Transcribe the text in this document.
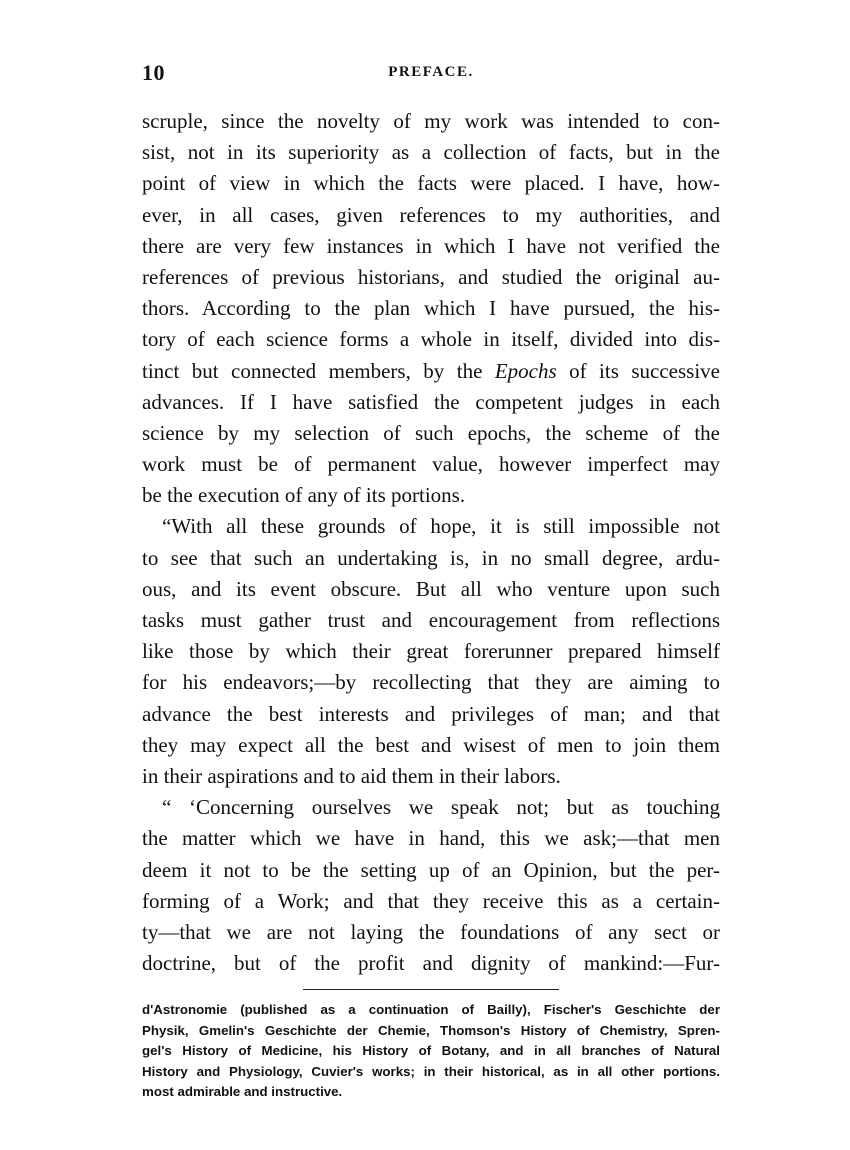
10	PREFACE.
scruple, since the novelty of my work was intended to con-
sist, not in its superiority as a collection of facts, but in the
point of view in which the facts were placed. I have, how-
ever, in all cases, given references to my authorities, and
there are very few instances in which I have not verified the
references of previous historians, and studied the original au-
thors. According to the plan which I have pursued, the his-
tory of each science forms a whole in itself, divided into dis-
tinct but connected members, by the Epochs of its successive
advances. If I have satisfied the competent judges in each
science by my selection of such epochs, the scheme of the
work must be of permanent value, however imperfect may
be the execution of any of its portions.
“With all these grounds of hope, it is still impossible not
to see that such an undertaking is, in no small degree, ardu-
ous, and its event obscure. But all who venture upon such
tasks must gather trust and encouragement from reflections
like those by which their great forerunner prepared himself
for his endeavors;—by recollecting that they are aiming to
advance the best interests and privileges of man; and that
they may expect all the best and wisest of men to join them
in their aspirations and to aid them in their labors.
“ ‘Concerning ourselves we speak not; but as touching
the matter which we have in hand, this we ask;—that men
deem it not to be the setting up of an Opinion, but the per-
forming of a Work; and that they receive this as a certain-
ty—that we are not laying the foundations of any sect or
doctrine, but of the profit and dignity of mankind:—Fur-
d'Astronomie (published as a continuation of Bailly), Fischer's Geschichte der
Physik, Gmelin's Geschichte der Chemie, Thomson's History of Chemistry, Spren-
gel's History of Medicine, his History of Botany, and in all branches of Natural
History and Physiology, Cuvier's works; in their historical, as in all other portions.
most admirable and instructive.
